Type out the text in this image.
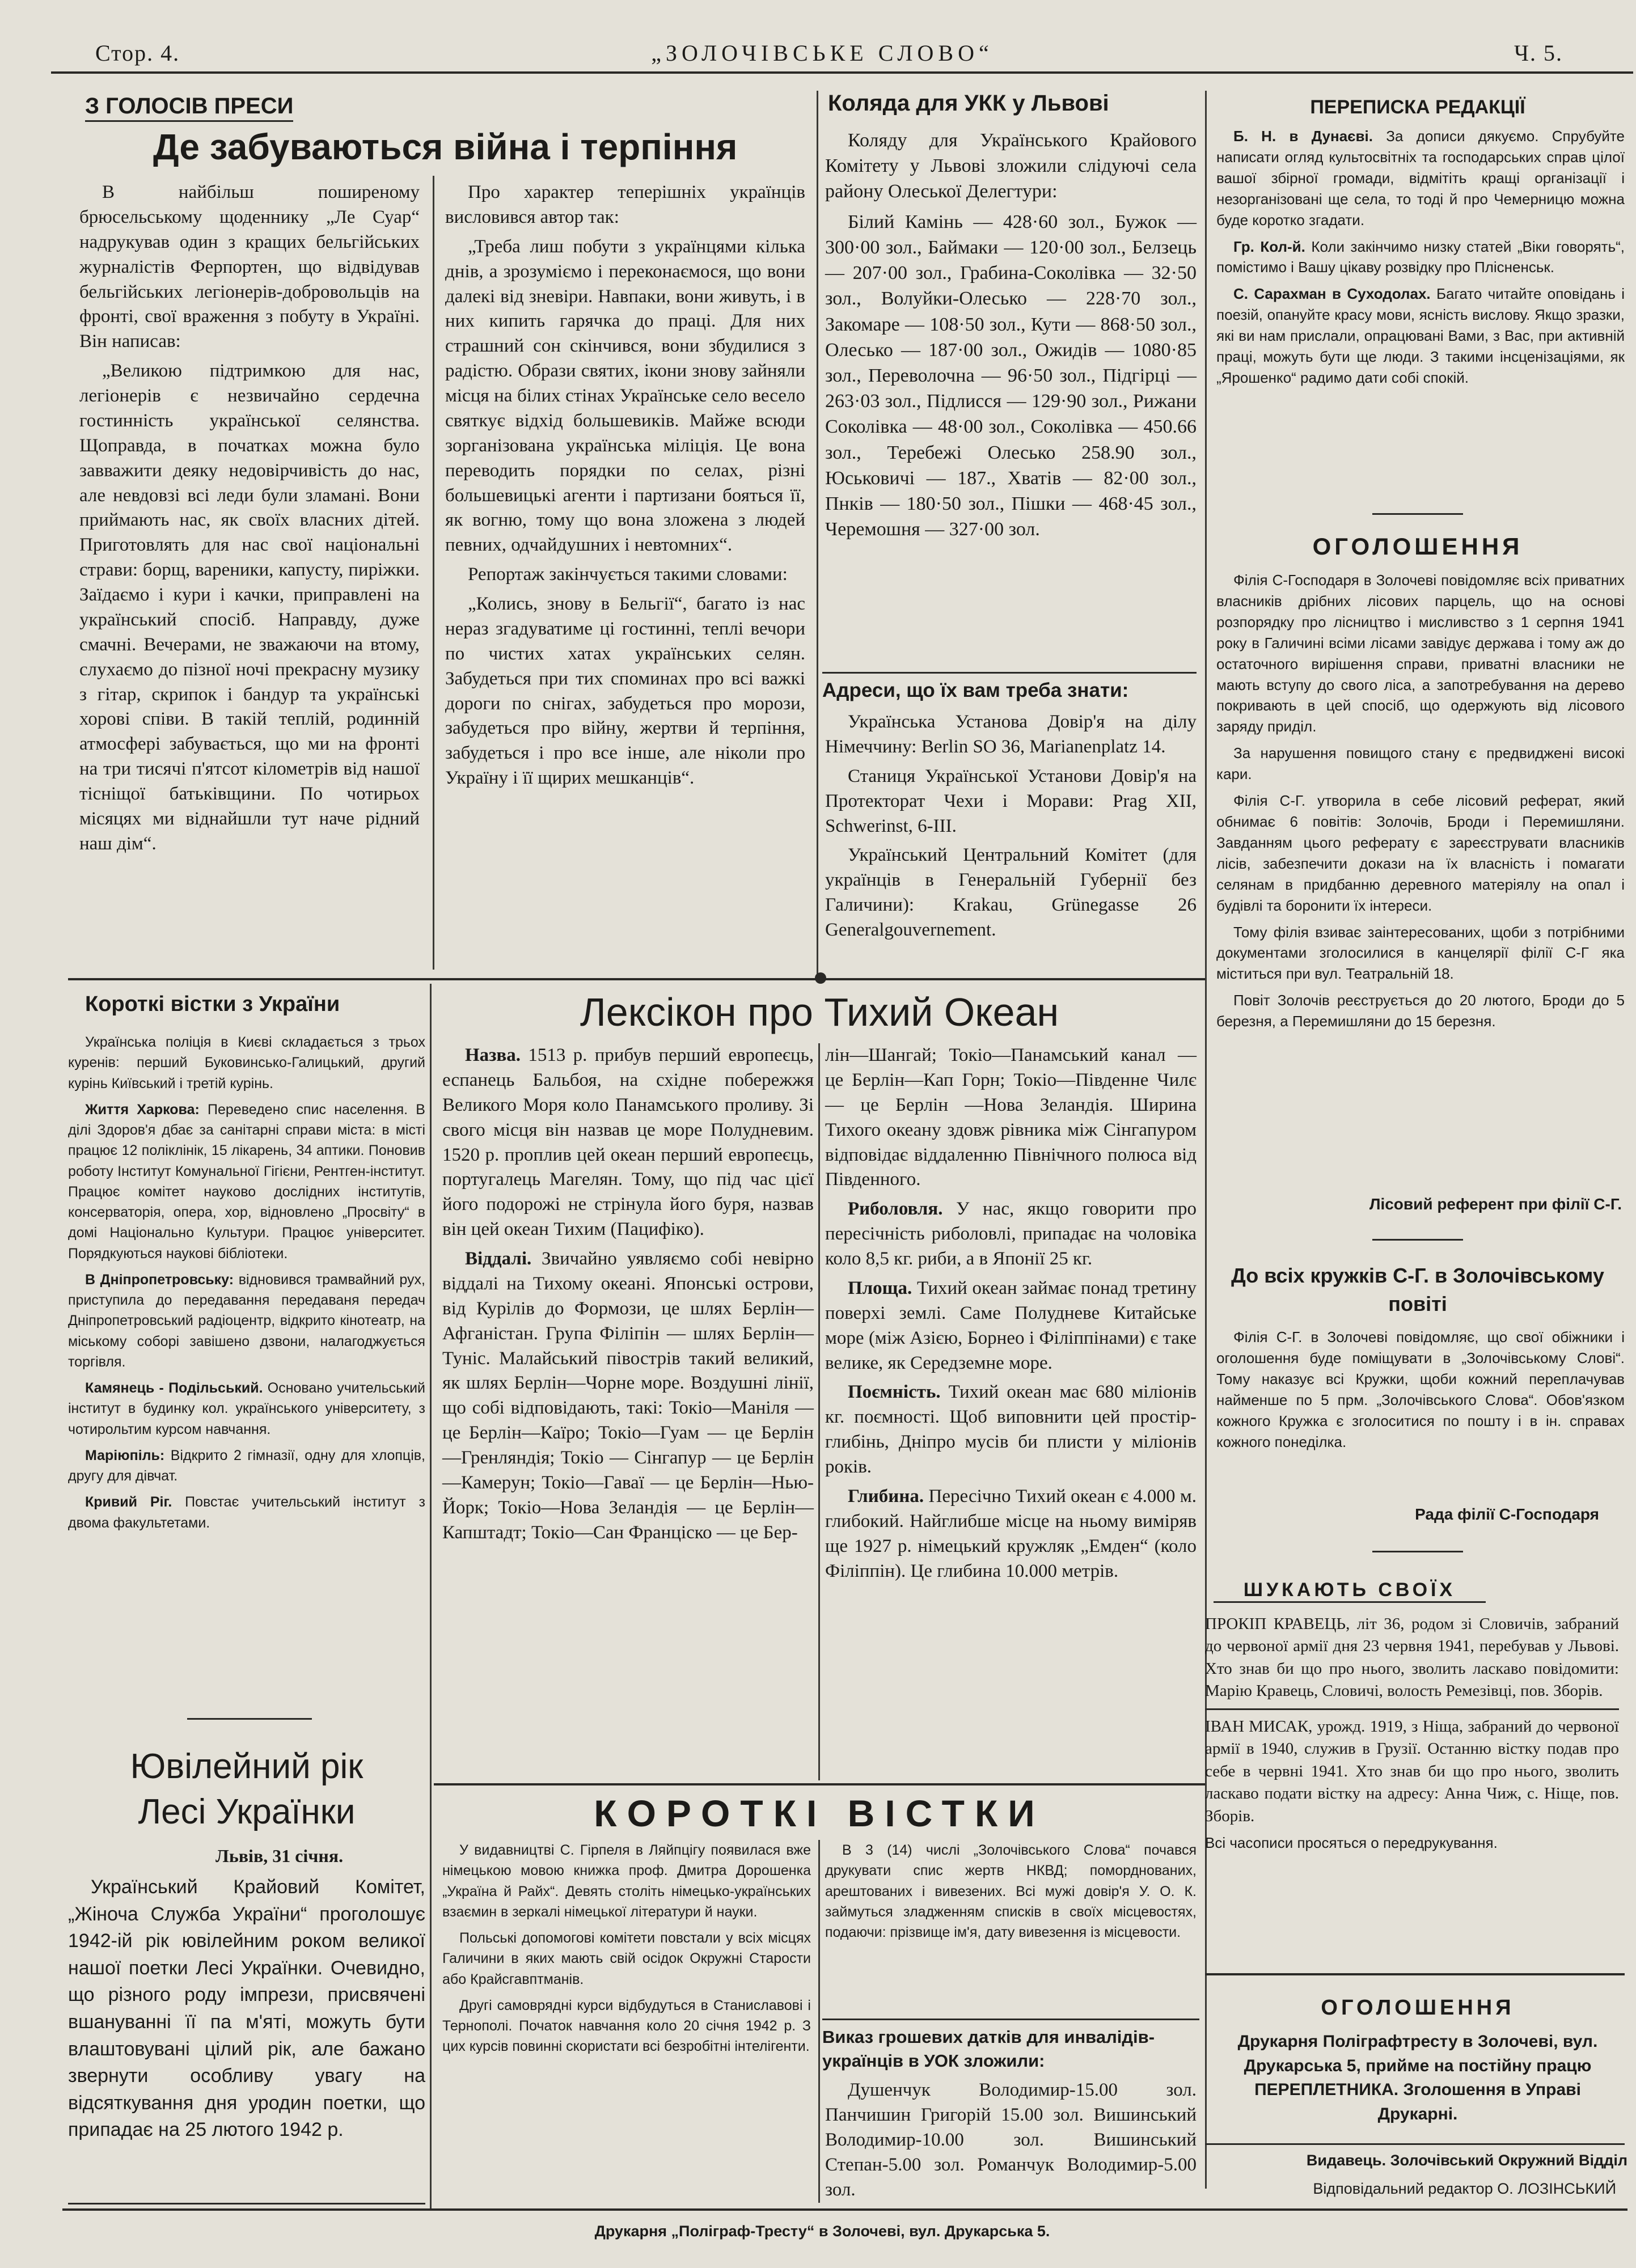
Стор. 4.	„ЗОЛОЧІВСЬКЕ СЛОВО“	Ч. 5.
З ГОЛОСІВ ПРЕСИ
Де забуваються війна і терпіння

В найбільш поширеному брюсельському щоденнику „Ле Суар“ надрукував один з кращих бельгійських журналістів Ферпортен, що відвідував бельгійських легіонерів-добровольців на фронті, свої враження з побуту в Україні. Він написав:

„Великою підтримкою для нас, легіонерів є незвичайно сердечна гостинність української селянства. Щоправда, в початках можна було завважити деяку недовірчивість до нас, але невдовзі всі леди були зламані. Вони приймають нас, як своїх власних дітей. Приготовлять для нас свої національні страви: борщ, вареники, капусту, пиріжки. Заїдаємо і кури і качки, приправлені на український спосіб. Направду, дуже смачні. Вечерами, не зважаючи на втому, слухаємо до пізної ночі прекрасну музику з гітар, скрипок і бандур та українські хорові співи. В такій теплій, родинній атмосфері забувається, що ми на фронті на три тисячі п'ятсот кілометрів від нашої тісніщої батьківщини. По чотирьох місяцях ми віднайшли тут наче рідний наш дім“.

Про характер теперішніх українців висловився автор так:

„Треба лиш побути з українцями кілька днів, а зрозуміємо і переконаємося, що вони далекі від зневіри. Навпаки, вони живуть, і в них кипить гарячка до праці. Для них страшний сон скінчився, вони збудилися з радістю. Образи святих, ікони знову зайняли місця на білих стінах Українське село весело святкує відхід большевиків. Майже всюди зорганізована українська міліція. Це вона переводить порядки по селах, різні большевицькі агенти і партизани бояться її, як вогню, тому що вона зложена з людей певних, одчайдушних і невтомних“.

Репортаж закінчується такими словами:

„Колись, знову в Бельгії“, багато із нас нераз згадуватиме ці гостинні, теплі вечори по чистих хатах українських селян. Забудеться при тих споминах про всі важкі дороги по снігах, забудеться про морози, забудеться про війну, жертви й терпіння, забудеться і про все інше, але ніколи про Україну і її щирих мешканців“.

Коляда для УКК у Львові

Коляду для Українського Крайового Комітету у Львові зложили слідуючі села району Олеської Делегтури:

Білий Камінь — 428·60 зол., Бужок — 300·00 зол., Баймаки — 120·00 зол., Белзець — 207·00 зол., Грабина-Соколівка — 32·50 зол., Волуйки-Олесько — 228·70 зол., Закомаре — 108·50 зол., Кути — 868·50 зол., Олесько — 187·00 зол., Ожидів — 1080·85 зол., Переволочна — 96·50 зол., Підгірці — 263·03 зол., Підлисся — 129·90 зол., Рижани Соколівка — 48·00 зол., Соколівка — 450.66 зол., Теребежі Олесько 258.90 зол., Юськовичі — 187., Хватів — 82·00 зол., Пнків — 180·50 зол., Пішки — 468·45 зол., Черемошня — 327·00 зол.

Адреси, що їх вам треба знати:

Українська Установа Довір'я на ділу Німеччину: Berlin SO 36, Marianenplatz 14.

Станиця Української Установи Довір'я на Протекторат Чехи і Морави: Prag XII, Schwerinst, 6-III.

Український Центральний Комітет (для українців в Генеральній Губернії без Галичини): Krakau, Grünegasse 26 Generalgouvernement.

ПЕРЕПИСКА РЕДАКЦІЇ

Б. Н. в Дунаєві. За дописи дякуємо. Спрубуйте написати огляд культосвітніх та господарських справ цілої вашої збірної громади, відмітіть кращі організації і незорганізовані ще села, то тоді й про Чемерницю можна буде коротко згадати.

Гр. Кол-й. Коли закінчимо низку статей „Віки говорять“, помістимо і Вашу цікаву розвідку про Плісненськ.

С. Сарахман в Суходолах. Багато читайте оповідань і поезій, опануйте красу мови, ясність вислову. Якщо зразки, які ви нам прислали, опрацювані Вами, з Вас, при активній праці, можуть бути ще люди. З такими інсценізаціями, як „Ярошенко“ радимо дати собі спокій.

ОГОЛОШЕННЯ

Філія С-Господаря в Золочеві повідомляє всіх приватних власників дрібних лісових парцель, що на основі розпорядку про лісництво і мисливство з 1 серпня 1941 року в Галичині всіми лісами завідує держава і тому аж до остаточного вирішення справи, приватні власники не мають вступу до свого ліса, а запотребування на дерево покривають в цей спосіб, що одержують від лісового заряду приділ.

За нарушення повищого стану є предвиджені високі кари.

Філія С-Г. утворила в себе лісовий реферат, який обнимає 6 повітів: Золочів, Броди і Перемишляни. Завданням цього реферату є зареєструвати власників лісів, забезпечити докази на їх власність і помагати селянам в придбанню деревного матеріялу на опал і будівлі та боронити їх інтереси.

Тому філія взиває заінтересованих, щоби з потрібними документами зголосилися в канцелярії філії С-Г яка міститься при вул. Театральній 18.

Повіт Золочів реєструється до 20 лютого, Броди до 5 березня, а Перемишляни до 15 березня.

Лісовий референт при філії С-Г.
До всіх кружків С-Г. в Золочівському повіті

Філія С-Г. в Золочеві повідомляє, що свої обіжники і оголошення буде поміщувати в „Золочівському Слові“. Тому наказує всі Кружки, щоби кожний переплачував найменше по 5 прм. „Золочівського Слова“. Обов'язком кожного Кружка є зголоситися по пошту і в ін. справах кожного понеділка.

Рада філії С-Господаря
ШУКАЮТЬ СВОЇХ

ПРОКІП КРАВЕЦЬ, літ 36, родом зі Словичів, забраний до червоної армії дня 23 червня 1941, перебував у Львові. Хто знав би що про нього, зволить ласкаво повідомити: Марію Кравець, Словичі, волость Ремезівці, пов. Зборів.

ІВАН МИСАК, урожд. 1919, з Ніща, забраний до червоної армії в 1940, служив в Грузії. Останню вістку подав про себе в червні 1941. Хто знав би що про нього, зволить ласкаво подати вістку на адресу: Анна Чиж, с. Ніще, пов. Зборів.

Всі часописи просяться о передрукування.

ОГОЛОШЕННЯ
Друкарня Поліграфтресту в Золочеві, вул. Друкарська 5, прийме на постійну працю ПЕРЕПЛЕТНИКА. Зголошення в Управі Друкарні.
Видавець. Золочівський Окружний Відділ
Короткі вістки з України

Українська поліція в Києві складається з трьох куренів: перший Буковинсько-Галицький, другий курінь Київський і третій курінь.

Життя Харкова: Переведено спис населення. В ділі Здоров'я дбає за санітарні справи міста: в місті працює 12 поліклінік, 15 лікарень, 34 аптики. Поновив роботу Інститут Комунальної Гігієни, Рентген-інститут. Працює комітет науково дослідних інститутів, консерваторія, опера, хор, відновлено „Просвіту“ в домі Національно Культури. Працює університет. Порядкуються наукові бібліотеки.

В Дніпропетровську: відновився трамвайний рух, приступила до передавання передаваня передач Дніпропетровський радіоцентр, відкрито кінотеатр, на міському соборі завішено дзвони, налагоджується торгівля.

Камянець - Подільський. Основано учительський інститут в будинку кол. українського університету, з чотирольтим курсом навчання.

Маріюпіль: Відкрито 2 гімназії, одну для хлопців, другу для дівчат.

Кривий Ріг. Повстає учительський інститут з двома факультетами.

Ювілейний рік
Лесі Українки
Львів, 31 січня.

Український Крайовий Комітет, „Жіноча Служба України“ проголошує 1942-ій рік ювілейним роком великої нашої поетки Лесі Українки. Очевидно, що різного роду імпрези, присвячені вшануванні її па м'яті, можуть бути влаштовувані цілий рік, але бажано звернути особливу увагу на відсяткування дня уродин поетки, що припадає на 25 лютого 1942 р.

Лексікон про Тихий Океан

Назва. 1513 р. прибув перший европеєць, еспанець Бальбоя, на східне побережжя Великого Моря коло Панамського проливу. Зі свого місця він назвав це море Полудневим. 1520 р. проплив цей океан перший европеєць, португалець Магелян. Тому, що під час цієї його подорожі не стрінула його буря, назвав він цей океан Тихим (Пацифіко).

Віддалі. Звичайно уявляємо собі невірно віддалі на Тихому океані. Японські острови, від Курілів до Формози, це шлях Берлін—Афганістан. Група Філіпін — шлях Берлін—Туніс. Малайський півострів такий великий, як шлях Берлін—Чорне море. Воздушні лінії, що собі відповідають, такі: Токіо—Маніля — це Берлін—Каїро; Токіо—Гуам — це Берлін—Гренляндія; Токіо — Сінгапур — це Берлін—Камерун; Токіо—Гаваї — це Берлін—Нью-Йорк; Токіо—Нова Зеландія — це Берлін—Капштадт; Токіо—Сан Франціско — це Бер-

лін—Шангай; Токіо—Панамський канал — це Берлін—Кап Горн; Токіо—Південне Чилє — це Берлін —Нова Зеландія. Ширина Тихого океану здовж рівника між Сінгапуром відповідає віддаленню Північного полюса від Південного.

Риболовля. У нас, якщо говорити про пересічність риболовлі, припадає на чоловіка коло 8,5 кг. риби, а в Японії 25 кг.

Площа. Тихий океан займає понад третину поверхі землі. Саме Полудневе Китайське море (між Азією, Борнео і Філіппінами) є таке велике, як Середземне море.

Поємність. Тихий океан має 680 міліонів кг. поємності. Щоб виповнити цей простір-глибінь, Дніпро мусів би плисти у міліонів років.

Глибина. Пересічно Тихий океан є 4.000 м. глибокий. Найглибше місце на ньому виміряв ще 1927 р. німецький кружляк „Емден“ (коло Філіппін). Це глибина 10.000 метрів.

КОРОТКІ ВІСТКИ

У видавництві С. Гірпеля в Ляйпцігу появилася вже німецькою мовою книжка проф. Дмитра Дорошенка „Україна й Райх“. Девять століть німецько-українських взаємин в зеркалі німецької літератури й науки.

Польські допомогові комітети повстали у всіх місцях Галичини в яких мають свій осідок Окружні Старости або Крайсгавптманів.

Другі самоврядні курси відбудуться в Станиславові і Тернополі. Початок навчання коло 20 січня 1942 р. З цих курсів повинні скористати всі безробітні інтелігенти.

В 3 (14) числі „Золочівського Слова“ почався друкувати спис жертв НКВД; поморднованих, арештованих і вивезених. Всі мужі довір'я У. О. К. займуться зладженням списків в своїх місцевостях, подаючи: прізвище ім'я, дату вивезення із місцевости.

Виказ грошевих датків для инвалідів-українців в УОК зложили:

Душенчук Володимир-15.00 зол. Панчишин Григорій 15.00 зол. Вишинський Володимир-10.00 зол. Вишинський Степан-5.00 зол. Романчук Володимир-5.00 зол.	Відповідальний редактор О. ЛОЗІНСЬКИЙ
Друкарня „Поліграф-Тресту“ в Золочеві, вул. Друкарська 5.
